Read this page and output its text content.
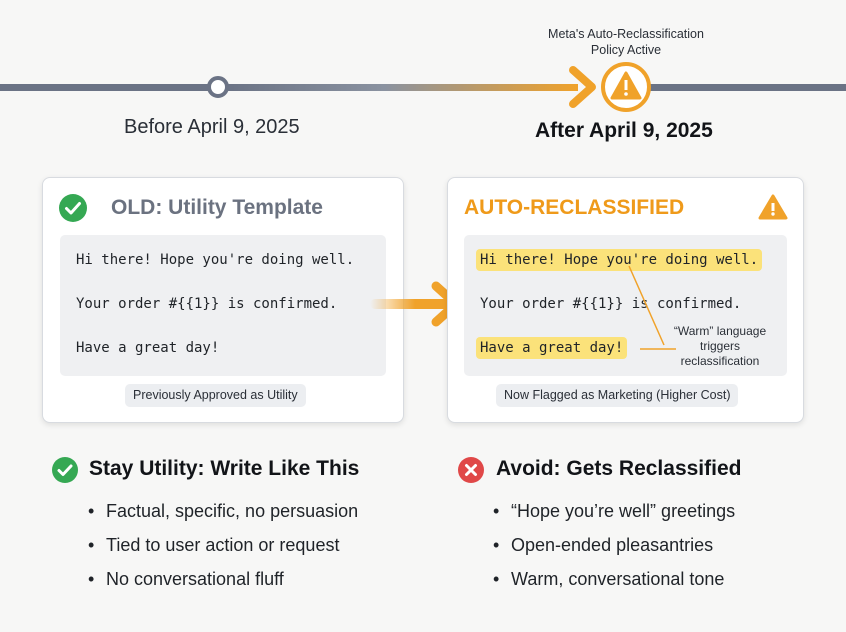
Meta's Auto-Reclassification
Policy Active
Before April 9, 2025	After April 9, 2025
OLD: Utility Template
Hi there! Hope you're doing well.
Your order #{{1}} is confirmed.
Have a great day!
Previously Approved as Utility
AUTO-RECLASSIFIED
Hi there! Hope you're doing well.
Your order #{{1}} is confirmed.
Have a great day!
“Warm” language
triggers
reclassification
Now Flagged as Marketing (Higher Cost)
Stay Utility: Write Like This
• Factual, specific, no persuasion
• Tied to user action or request
• No conversational fluff
Avoid: Gets Reclassified
• “Hope you’re well” greetings
• Open-ended pleasantries
• Warm, conversational tone
